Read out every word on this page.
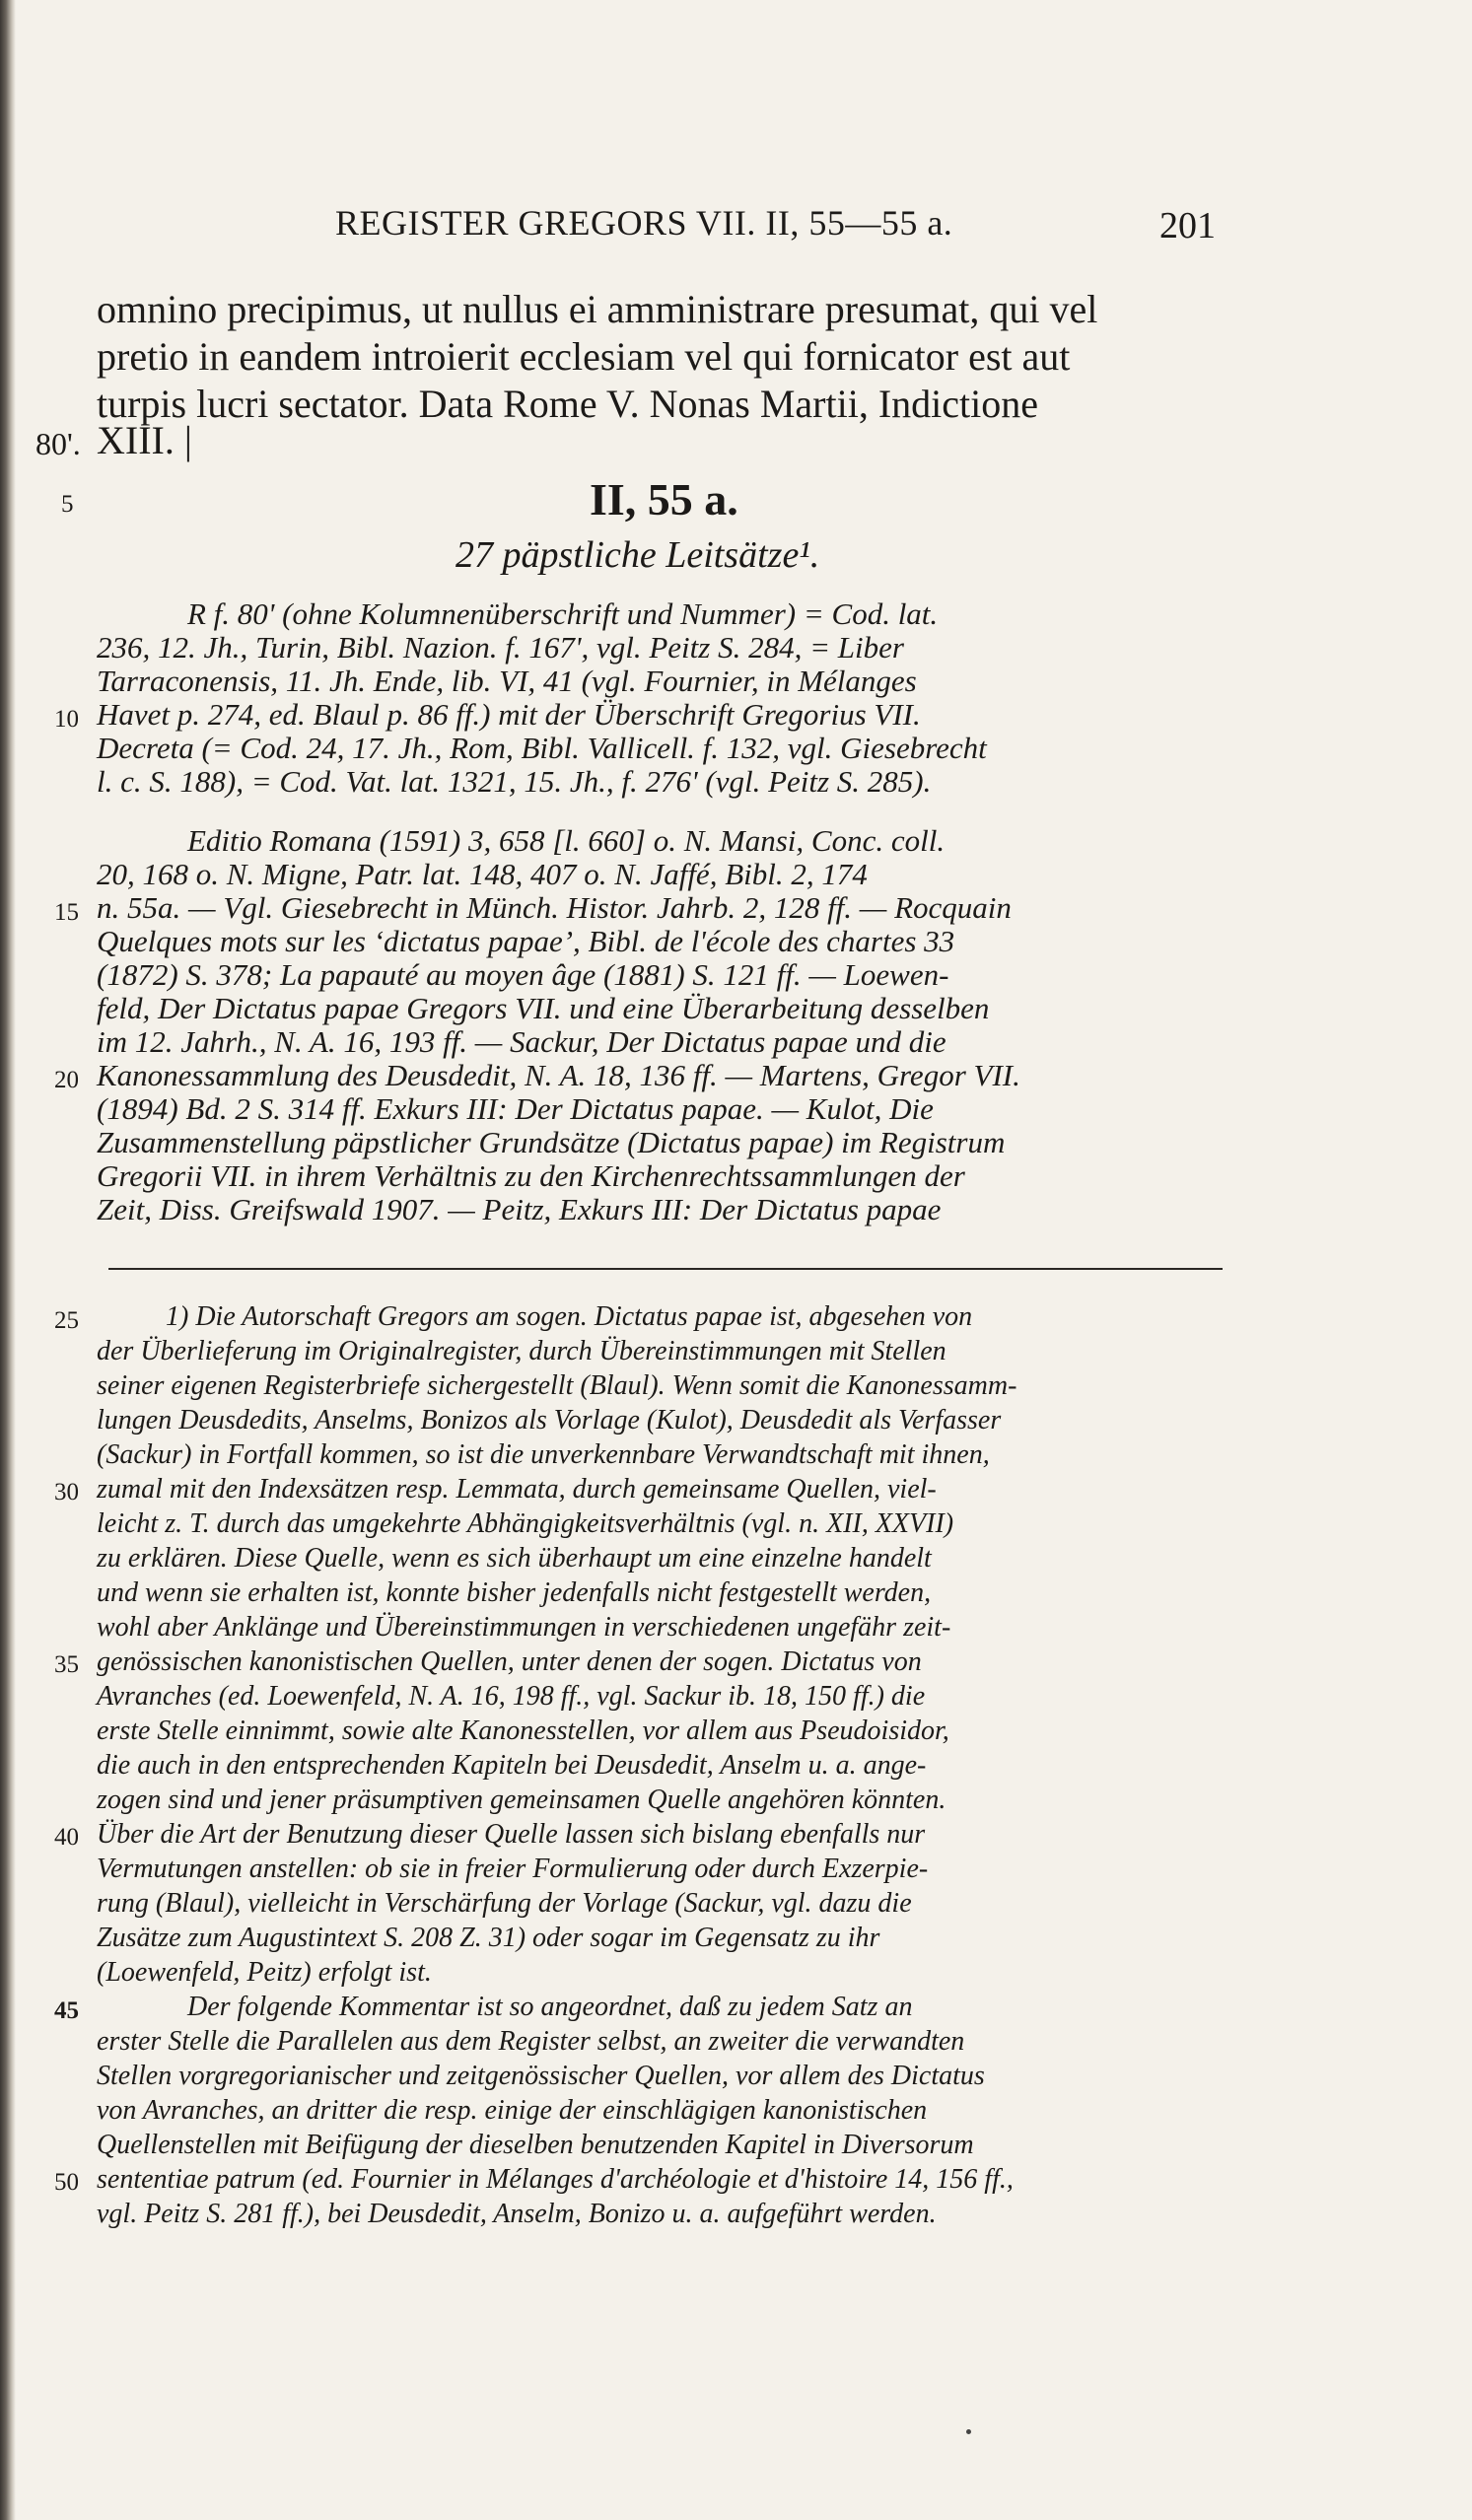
REGISTER GREGORS VII. II, 55—55 a.	201
omnino precipimus, ut nullus ei amministrare presumat, qui vel
pretio in eandem introierit ecclesiam vel qui fornicator est aut
turpis lucri sectator. Data Rome V. Nonas Martii, Indictione
XIII. |
80'.
5	II, 55 a.
27 päpstliche Leitsätze¹.
R f. 80' (ohne Kolumnenüberschrift und Nummer) = Cod. lat.
236, 12. Jh., Turin, Bibl. Nazion. f. 167', vgl. Peitz S. 284, = Liber
Tarraconensis, 11. Jh. Ende, lib. VI, 41 (vgl. Fournier, in Mélanges
10 Havet p. 274, ed. Blaul p. 86 ff.) mit der Überschrift Gregorius VII.
Decreta (= Cod. 24, 17. Jh., Rom, Bibl. Vallicell. f. 132, vgl. Giesebrecht
l. c. S. 188), = Cod. Vat. lat. 1321, 15. Jh., f. 276' (vgl. Peitz S. 285).
Editio Romana (1591) 3, 658 [l. 660] o. N. Mansi, Conc. coll.
20, 168 o. N. Migne, Patr. lat. 148, 407 o. N. Jaffé, Bibl. 2, 174
15 n. 55a. — Vgl. Giesebrecht in Münch. Histor. Jahrb. 2, 128 ff. — Rocquain
Quelques mots sur les ‘dictatus papae’, Bibl. de l'école des chartes 33
(1872) S. 378; La papauté au moyen âge (1881) S. 121 ff. — Loewen-
feld, Der Dictatus papae Gregors VII. und eine Überarbeitung desselben
im 12. Jahrh., N. A. 16, 193 ff. — Sackur, Der Dictatus papae und die
20 Kanonessammlung des Deusdedit, N. A. 18, 136 ff. — Martens, Gregor VII.
(1894) Bd. 2 S. 314 ff. Exkurs III: Der Dictatus papae. — Kulot, Die
Zusammenstellung päpstlicher Grundsätze (Dictatus papae) im Registrum
Gregorii VII. in ihrem Verhältnis zu den Kirchenrechtssammlungen der
Zeit, Diss. Greifswald 1907. — Peitz, Exkurs III: Der Dictatus papae
25	1) Die Autorschaft Gregors am sogen. Dictatus papae ist, abgesehen von
der Überlieferung im Originalregister, durch Übereinstimmungen mit Stellen
seiner eigenen Registerbriefe sichergestellt (Blaul). Wenn somit die Kanonessamm-
lungen Deusdedits, Anselms, Bonizos als Vorlage (Kulot), Deusdedit als Verfasser
(Sackur) in Fortfall kommen, so ist die unverkennbare Verwandtschaft mit ihnen,
30 zumal mit den Indexsätzen resp. Lemmata, durch gemeinsame Quellen, viel-
leicht z. T. durch das umgekehrte Abhängigkeitsverhältnis (vgl. n. XII, XXVII)
zu erklären. Diese Quelle, wenn es sich überhaupt um eine einzelne handelt
und wenn sie erhalten ist, konnte bisher jedenfalls nicht festgestellt werden,
wohl aber Anklänge und Übereinstimmungen in verschiedenen ungefähr zeit-
35 genössischen kanonistischen Quellen, unter denen der sogen. Dictatus von
Avranches (ed. Loewenfeld, N. A. 16, 198 ff., vgl. Sackur ib. 18, 150 ff.) die
erste Stelle einnimmt, sowie alte Kanonesstellen, vor allem aus Pseudoisidor,
die auch in den entsprechenden Kapiteln bei Deusdedit, Anselm u. a. ange-
zogen sind und jener präsumptiven gemeinsamen Quelle angehören könnten.
40 Über die Art der Benutzung dieser Quelle lassen sich bislang ebenfalls nur
Vermutungen anstellen: ob sie in freier Formulierung oder durch Exzerpie-
rung (Blaul), vielleicht in Verschärfung der Vorlage (Sackur, vgl. dazu die
Zusätze zum Augustintext S. 208 Z. 31) oder sogar im Gegensatz zu ihr
(Loewenfeld, Peitz) erfolgt ist.
45	Der folgende Kommentar ist so angeordnet, daß zu jedem Satz an
erster Stelle die Parallelen aus dem Register selbst, an zweiter die verwandten
Stellen vorgregorianischer und zeitgenössischer Quellen, vor allem des Dictatus
von Avranches, an dritter die resp. einige der einschlägigen kanonistischen
Quellenstellen mit Beifügung der dieselben benutzenden Kapitel in Diversorum
50 sententiae patrum (ed. Fournier in Mélanges d'archéologie et d'histoire 14, 156 ff.,
vgl. Peitz S. 281 ff.), bei Deusdedit, Anselm, Bonizo u. a. aufgeführt werden.
